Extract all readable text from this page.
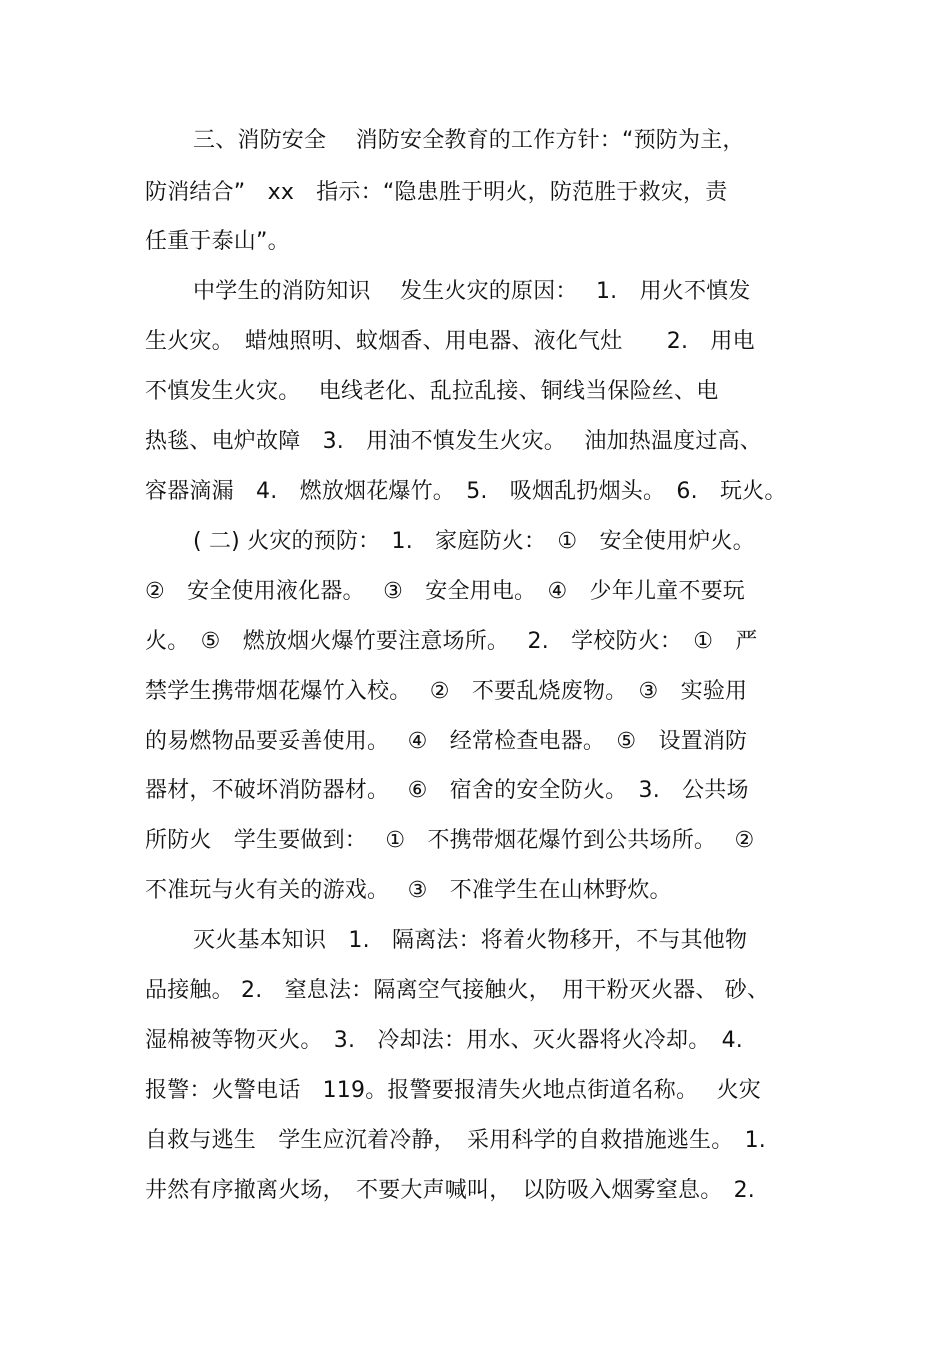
三、消防安全　 消防安全教育的工作方针：“预防为主，
防消结合”　xx　指示：“隐患胜于明火，防范胜于救灾，责
任重于泰山”。
中学生的消防知识　 发生火灾的原因：　 1.　用火不慎发
生火灾。　蜡烛照明、蚊烟香、用电器、液化气灶　　2.　用电
不慎发生火灾。　 电线老化、乱拉乱接、铜线当保险丝、电
热毯、电炉故障　3.　用油不慎发生火灾。　 油加热温度过高、
容器滴漏　4.　燃放烟花爆竹。　5.　吸烟乱扔烟头。　6.　玩火。
( 二) 火灾的预防：　1.　家庭防火：　①　安全使用炉火。
②　安全使用液化器。　 ③　安全用电。　④　少年儿童不要玩
火。　⑤　燃放烟火爆竹要注意场所。　 2.　学校防火：　①　严
禁学生携带烟花爆竹入校。　 ②　不要乱烧废物。　③　实验用
的易燃物品要妥善使用。　 ④　经常检查电器。　⑤　设置消防
器材，不破坏消防器材。　 ⑥　宿舍的安全防火。　3.　公共场
所防火　学生要做到：　 ①　不携带烟花爆竹到公共场所。　 ②
不准玩与火有关的游戏。　 ③　不准学生在山林野炊。
灭火基本知识　1.　隔离法：将着火物移开，不与其他物
品接触。 2.　窒息法：隔离空气接触火，　用干粉灭火器、 砂、
湿棉被等物灭火。　3.　冷却法：用水、灭火器将火冷却。　4.
报警：火警电话　119。报警要报清失火地点街道名称。　 火灾
自救与逃生　学生应沉着冷静，　采用科学的自救措施逃生。　1.
井然有序撤离火场，　不要大声喊叫，　以防吸入烟雾窒息。　2.
